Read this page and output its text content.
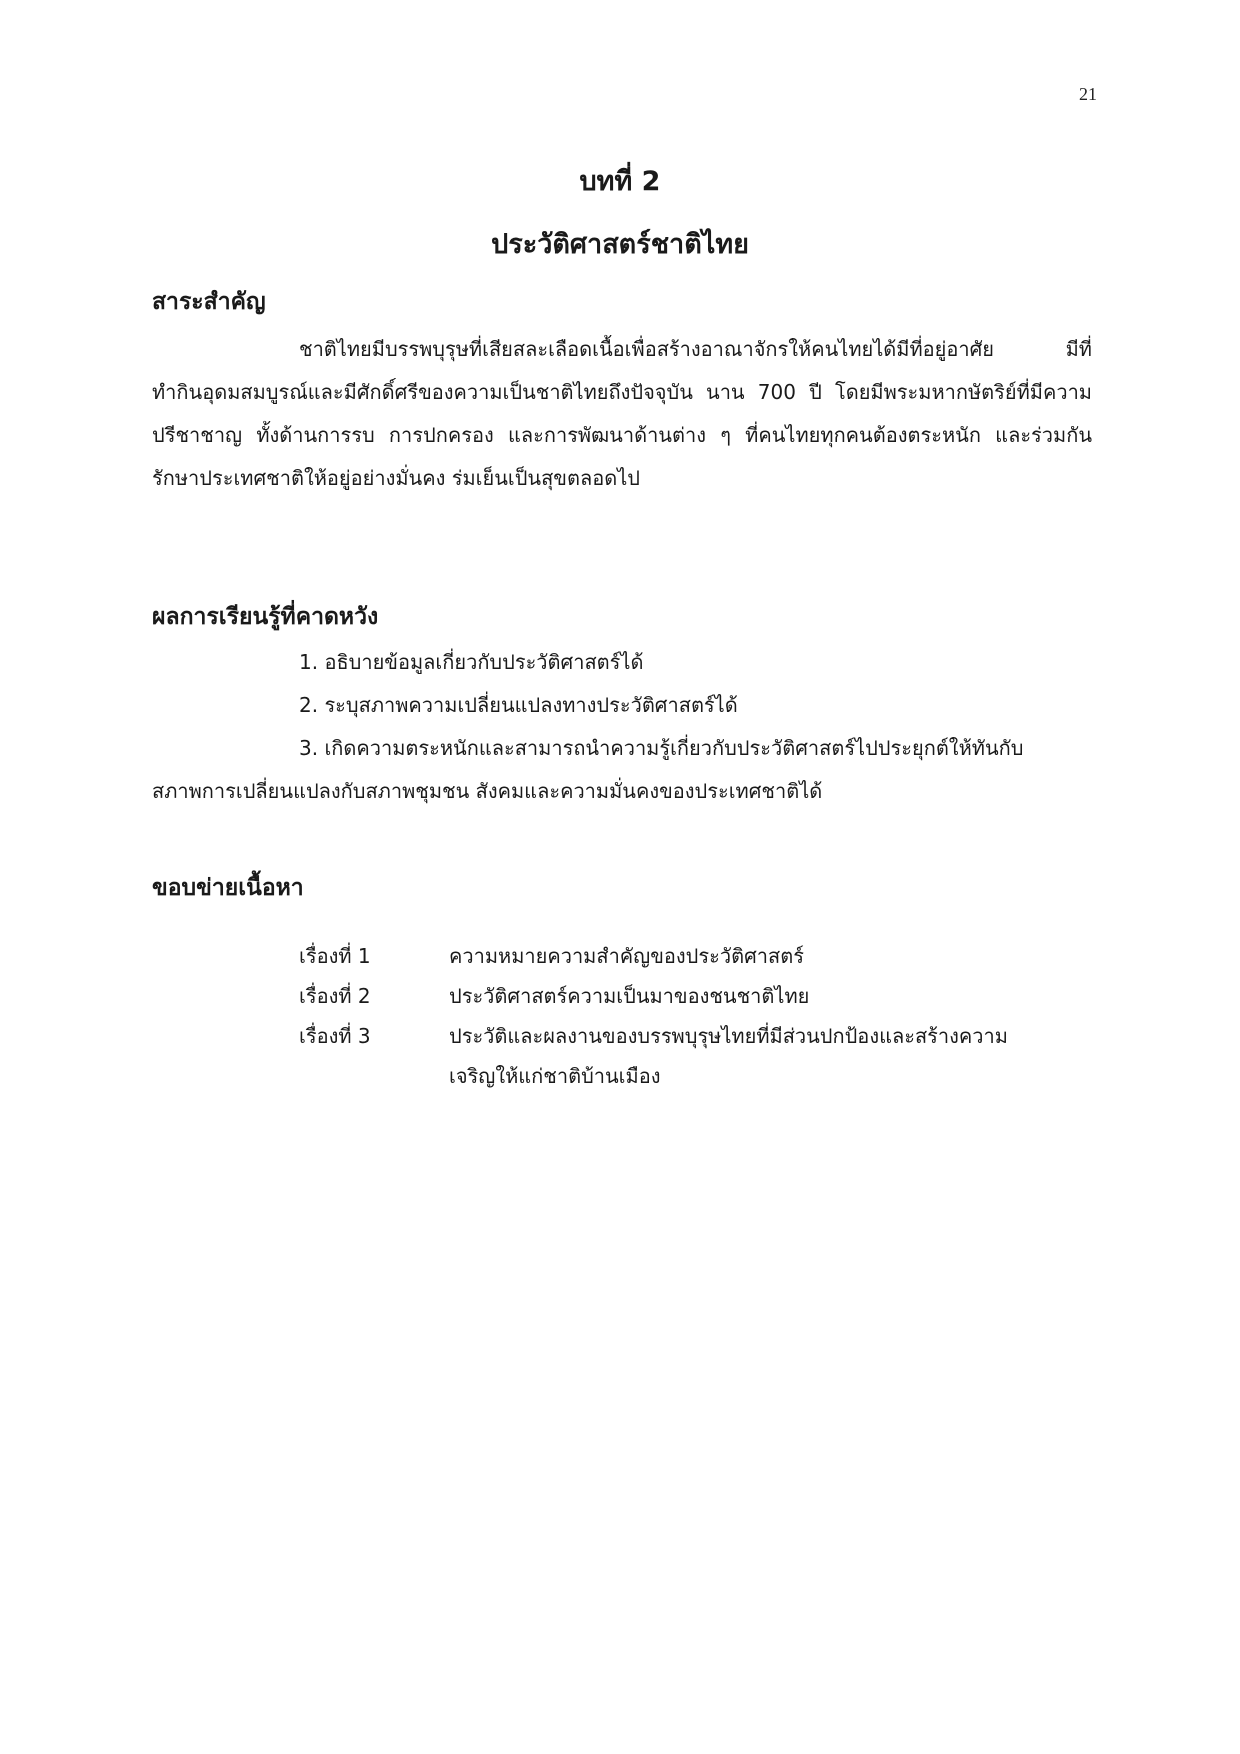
21

บทที่ 2

ประวัติศาสตร์ชาติไทย

สาระสำคัญ

ชาติไทยมีบรรพบุรุษที่เสียสละเลือดเนื้อเพื่อสร้างอาณาจักรให้คนไทยได้มีที่อยู่อาศัย มีที่
ทำกินอุดมสมบูรณ์และมีศักดิ์ศรีของความเป็นชาติไทยถึงปัจจุบัน นาน 700 ปี โดยมีพระมหากษัตริย์ที่มีความ
ปรีชาชาญ ทั้งด้านการรบ การปกครอง และการพัฒนาด้านต่าง ๆ ที่คนไทยทุกคนต้องตระหนัก และร่วมกัน
รักษาประเทศชาติให้อยู่อย่างมั่นคง ร่มเย็นเป็นสุขตลอดไป

ผลการเรียนรู้ที่คาดหวัง

1. อธิบายข้อมูลเกี่ยวกับประวัติศาสตร์ได้
2. ระบุสภาพความเปลี่ยนแปลงทางประวัติศาสตร์ได้
3. เกิดความตระหนักและสามารถนำความรู้เกี่ยวกับประวัติศาสตร์ไปประยุกต์ให้ทันกับ
สภาพการเปลี่ยนแปลงกับสภาพชุมชน สังคมและความมั่นคงของประเทศชาติได้

ขอบข่ายเนื้อหา

เรื่องที่ 1	ความหมายความสำคัญของประวัติศาสตร์
เรื่องที่ 2	ประวัติศาสตร์ความเป็นมาของชนชาติไทย
เรื่องที่ 3	ประวัติและผลงานของบรรพบุรุษไทยที่มีส่วนปกป้องและสร้างความ
เจริญให้แก่ชาติบ้านเมือง
